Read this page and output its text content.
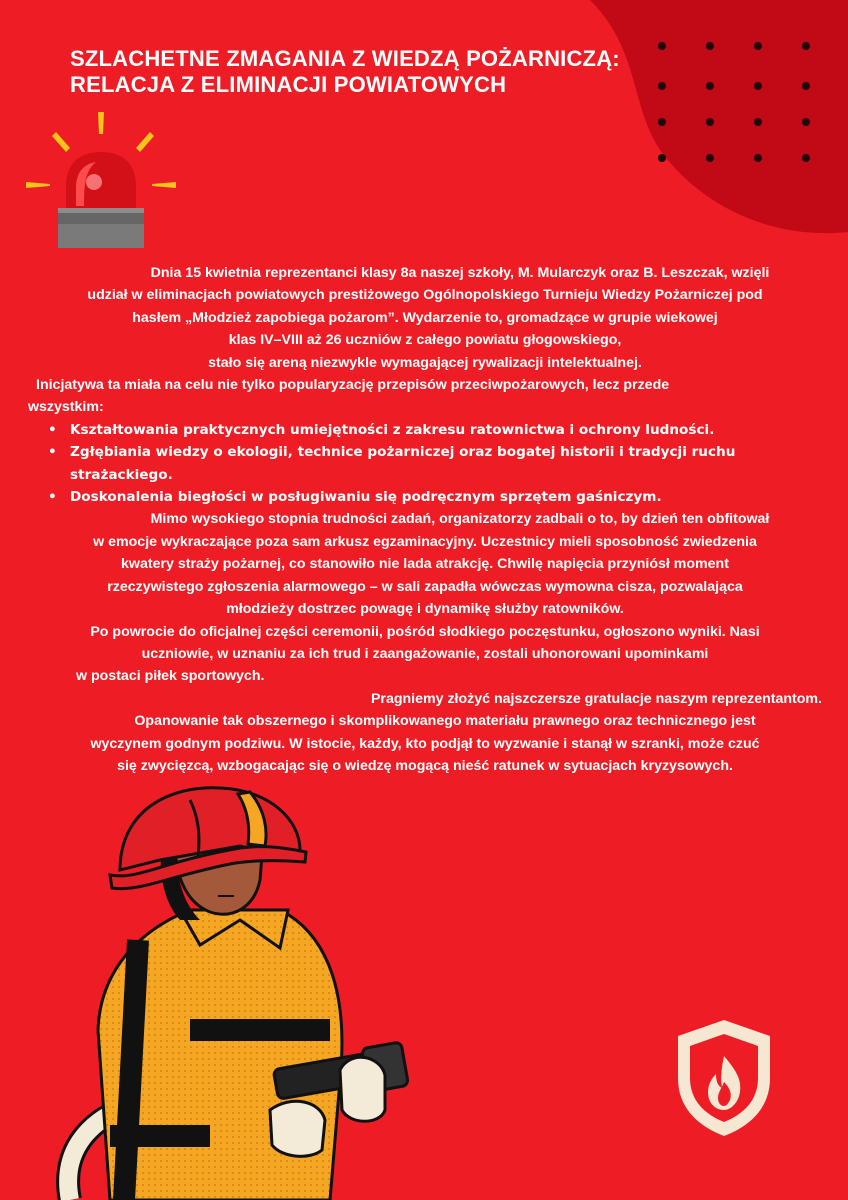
SZLACHETNE ZMAGANIA Z WIEDZĄ POŻARNICZĄ:
RELACJA Z ELIMINACJI POWIATOWYCH

Dnia 15 kwietnia reprezentanci klasy 8a naszej szkoły, M. Mularczyk oraz B. Leszczak, wzięli
udział w eliminacjach powiatowych prestiżowego Ogólnopolskiego Turnieju Wiedzy Pożarniczej pod
hasłem „Młodzież zapobiega pożarom”. Wydarzenie to, gromadzące w grupie wiekowej
klas IV–VIII aż 26 uczniów z całego powiatu głogowskiego,
stało się areną niezwykle wymagającej rywalizacji intelektualnej.

Inicjatywa ta miała na celu nie tylko popularyzację przepisów przeciwpożarowych, lecz przede
wszystkim:

• Kształtowania praktycznych umiejętności z zakresu ratownictwa i ochrony ludności.
• Zgłębiania wiedzy o ekologii, technice pożarniczej oraz bogatej historii i tradycji ruchu strażackiego.
• Doskonalenia biegłości w posługiwaniu się podręcznym sprzętem gaśniczym.

Mimo wysokiego stopnia trudności zadań, organizatorzy zadbali o to, by dzień ten obfitował
w emocje wykraczające poza sam arkusz egzaminacyjny. Uczestnicy mieli sposobność zwiedzenia
kwatery straży pożarnej, co stanowiło nie lada atrakcję. Chwilę napięcia przyniósł moment
rzeczywistego zgłoszenia alarmowego – w sali zapadła wówczas wymowna cisza, pozwalająca
młodzieży dostrzec powagę i dynamikę służby ratowników.

Po powrocie do oficjalnej części ceremonii, pośród słodkiego poczęstunku, ogłoszono wyniki. Nasi
uczniowie, w uznaniu za ich trud i zaangażowanie, zostali uhonorowani upominkami
w postaci piłek sportowych.

Pragniemy złożyć najszczersze gratulacje naszym reprezentantom.

Opanowanie tak obszernego i skomplikowanego materiału prawnego oraz technicznego jest
wyczynem godnym podziwu. W istocie, każdy, kto podjął to wyzwanie i stanął w szranki, może czuć
się zwycięzcą, wzbogacając się o wiedzę mogącą nieść ratunek w sytuacjach kryzysowych.
